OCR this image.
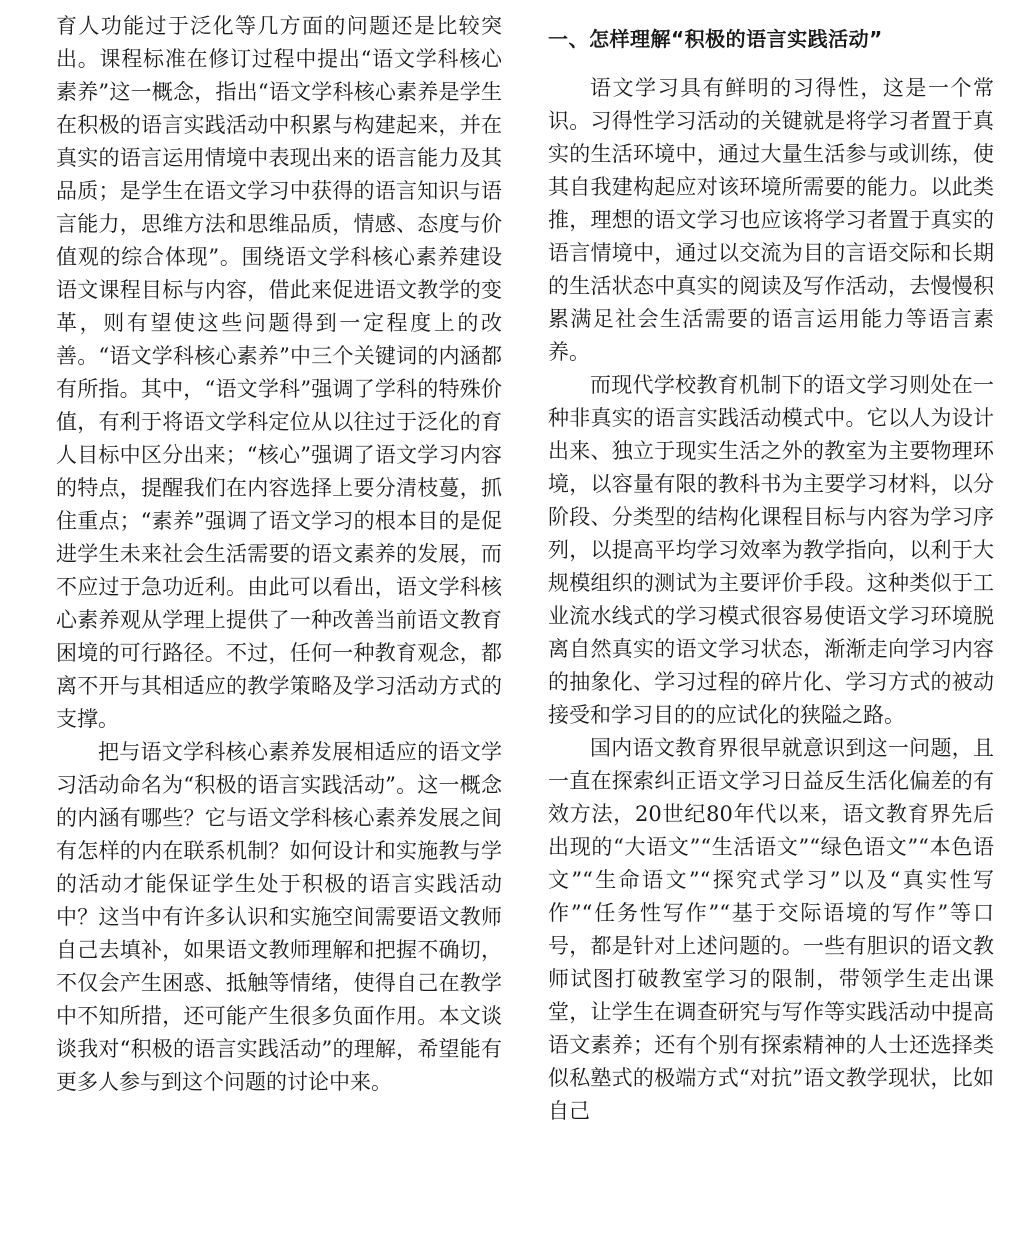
育人功能过于泛化等几方面的问题还是比较突出。课程标准在修订过程中提出“语文学科核心素养”这一概念，指出“语文学科核心素养是学生在积极的语言实践活动中积累与构建起来，并在真实的语言运用情境中表现出来的语言能力及其品质；是学生在语文学习中获得的语言知识与语言能力，思维方法和思维品质，情感、态度与价值观的综合体现”。围绕语文学科核心素养建设语文课程目标与内容，借此来促进语文教学的变革，则有望使这些问题得到一定程度上的改善。“语文学科核心素养”中三个关键词的内涵都有所指。其中，“语文学科”强调了学科的特殊价值，有利于将语文学科定位从以往过于泛化的育人目标中区分出来；“核心”强调了语文学习内容的特点，提醒我们在内容选择上要分清枝蔓，抓住重点；“素养”强调了语文学习的根本目的是促进学生未来社会生活需要的语文素养的发展，而不应过于急功近利。由此可以看出，语文学科核心素养观从学理上提供了一种改善当前语文教育困境的可行路径。不过，任何一种教育观念，都离不开与其相适应的教学策略及学习活动方式的支撑。

把与语文学科核心素养发展相适应的语文学习活动命名为“积极的语言实践活动”。这一概念的内涵有哪些？它与语文学科核心素养发展之间有怎样的内在联系机制？如何设计和实施教与学的活动才能保证学生处于积极的语言实践活动中？这当中有许多认识和实施空间需要语文教师自己去填补，如果语文教师理解和把握不确切，不仅会产生困惑、抵触等情绪，使得自己在教学中不知所措，还可能产生很多负面作用。本文谈谈我对“积极的语言实践活动”的理解，希望能有更多人参与到这个问题的讨论中来。

一、怎样理解“积极的语言实践活动”

语文学习具有鲜明的习得性，这是一个常识。习得性学习活动的关键就是将学习者置于真实的生活环境中，通过大量生活参与或训练，使其自我建构起应对该环境所需要的能力。以此类推，理想的语文学习也应该将学习者置于真实的语言情境中，通过以交流为目的言语交际和长期的生活状态中真实的阅读及写作活动，去慢慢积累满足社会生活需要的语言运用能力等语言素养。

而现代学校教育机制下的语文学习则处在一种非真实的语言实践活动模式中。它以人为设计出来、独立于现实生活之外的教室为主要物理环境，以容量有限的教科书为主要学习材料，以分阶段、分类型的结构化课程目标与内容为学习序列，以提高平均学习效率为教学指向，以利于大规模组织的测试为主要评价手段。这种类似于工业流水线式的学习模式很容易使语文学习环境脱离自然真实的语文学习状态，渐渐走向学习内容的抽象化、学习过程的碎片化、学习方式的被动接受和学习目的的应试化的狭隘之路。

国内语文教育界很早就意识到这一问题，且一直在探索纠正语文学习日益反生活化偏差的有效方法，20世纪80年代以来，语文教育界先后出现的“大语文”“生活语文”“绿色语文”“本色语文”“生命语文”“探究式学习”以及“真实性写作”“任务性写作”“基于交际语境的写作”等口号，都是针对上述问题的。一些有胆识的语文教师试图打破教室学习的限制，带领学生走出课堂，让学生在调查研究与写作等实践活动中提高语文素养；还有个别有探索精神的人士还选择类似私塾式的极端方式“对抗”语文教学现状，比如自己
